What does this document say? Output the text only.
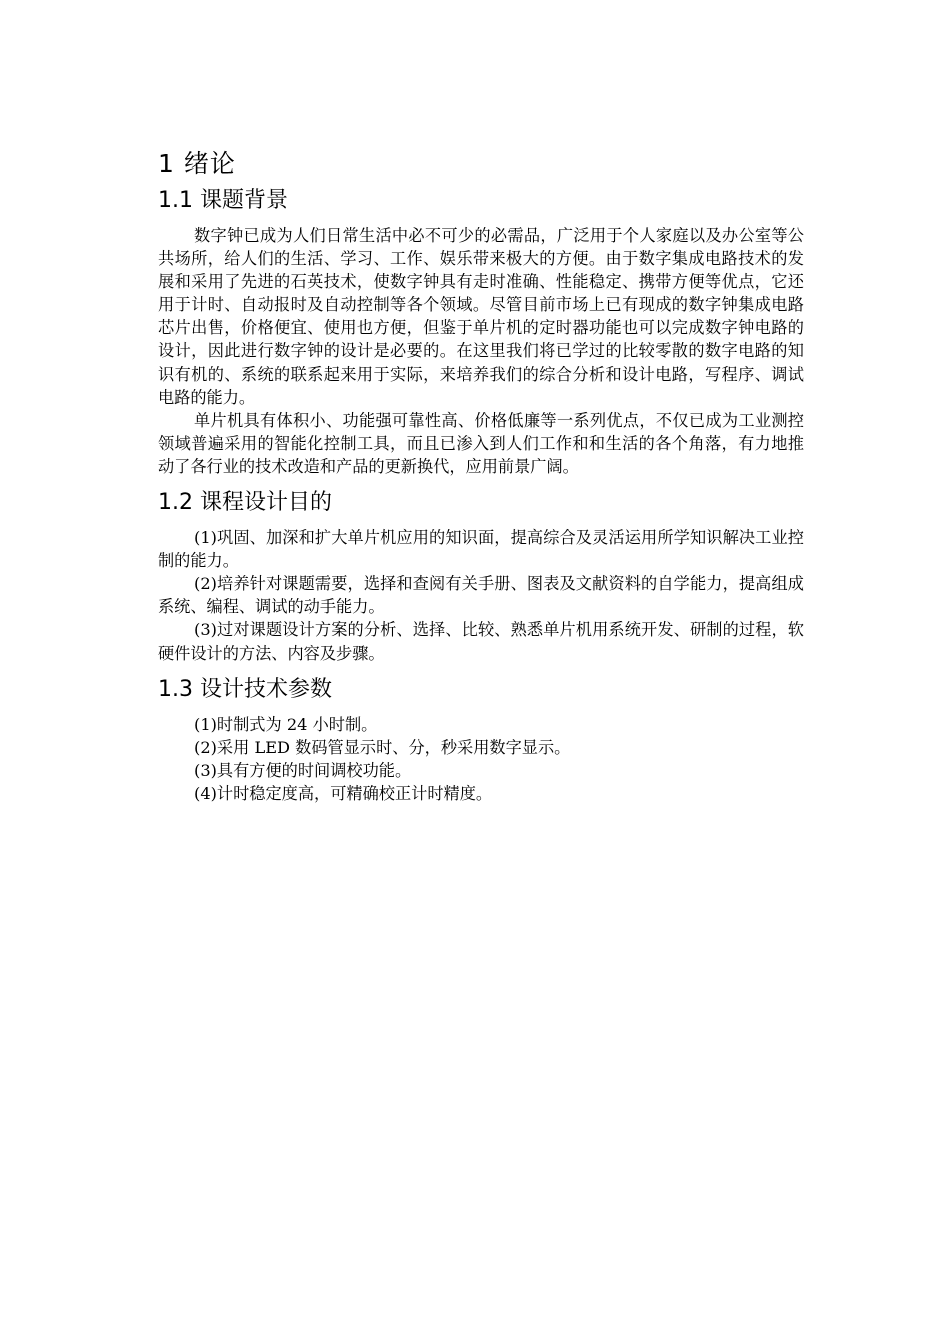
1 绪论
1.1 课题背景

数字钟已成为人们日常生活中必不可少的必需品，广泛用于个人家庭以及办公室等公共场所，给人们的生活、学习、工作、娱乐带来极大的方便。由于数字集成电路技术的发展和采用了先进的石英技术，使数字钟具有走时准确、性能稳定、携带方便等优点，它还用于计时、自动报时及自动控制等各个领域。尽管目前市场上已有现成的数字钟集成电路芯片出售，价格便宜、使用也方便，但鉴于单片机的定时器功能也可以完成数字钟电路的设计，因此进行数字钟的设计是必要的。在这里我们将已学过的比较零散的数字电路的知识有机的、系统的联系起来用于实际，来培养我们的综合分析和设计电路，写程序、调试电路的能力。

单片机具有体积小、功能强可靠性高、价格低廉等一系列优点，不仅已成为工业测控领域普遍采用的智能化控制工具，而且已渗入到人们工作和和生活的各个角落，有力地推动了各行业的技术改造和产品的更新换代，应用前景广阔。

1.2 课程设计目的

(1)巩固、加深和扩大单片机应用的知识面，提高综合及灵活运用所学知识解决工业控制的能力。

(2)培养针对课题需要，选择和查阅有关手册、图表及文献资料的自学能力，提高组成系统、编程、调试的动手能力。

(3)过对课题设计方案的分析、选择、比较、熟悉单片机用系统开发、研制的过程，软硬件设计的方法、内容及步骤。

1.3 设计技术参数

(1)时制式为 24 小时制。

(2)采用 LED 数码管显示时、分，秒采用数字显示。

(3)具有方便的时间调校功能。

(4)计时稳定度高，可精确校正计时精度。
